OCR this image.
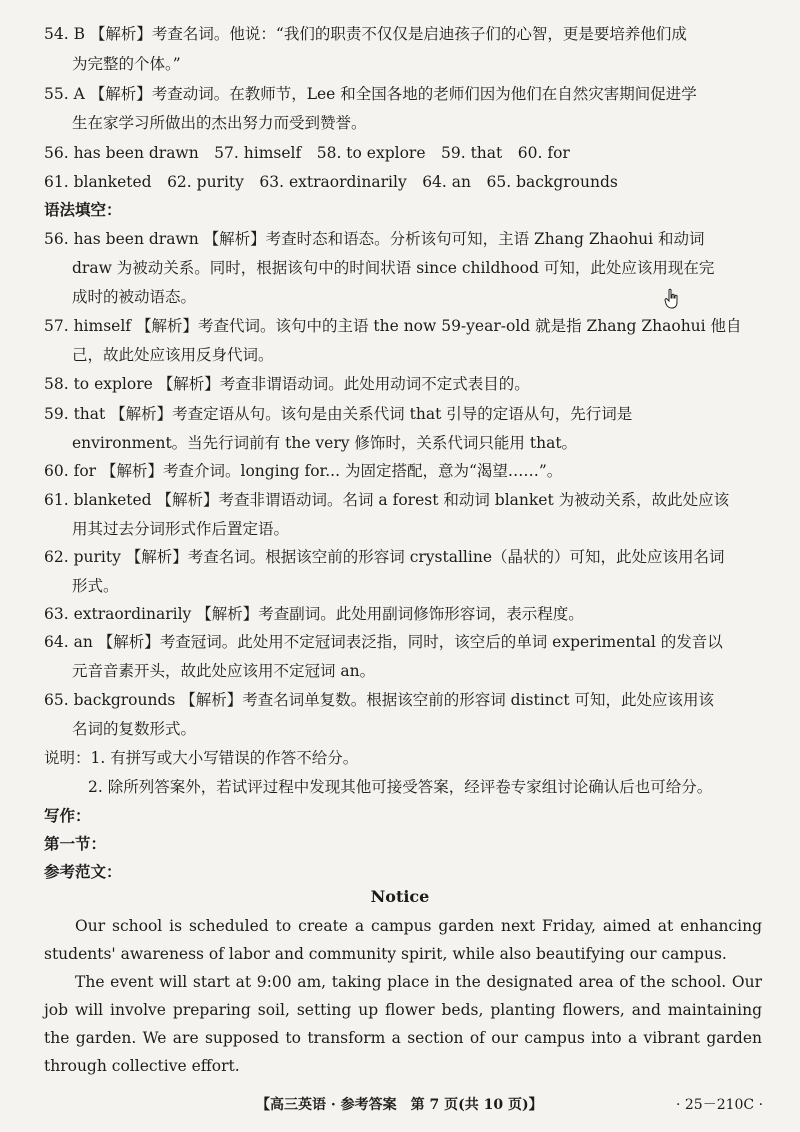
54. B 【解析】考查名词。他说：“我们的职责不仅仅是启迪孩子们的心智，更是要培养他们成
为完整的个体。”
55. A 【解析】考查动词。在教师节，Lee 和全国各地的老师们因为他们在自然灾害期间促进学
生在家学习所做出的杰出努力而受到赞誉。
56. has been drawn　57. himself　58. to explore　59. that　60. for
61. blanketed　62. purity　63. extraordinarily　64. an　65. backgrounds
语法填空：
56. has been drawn 【解析】考查时态和语态。分析该句可知，主语 Zhang Zhaohui 和动词
draw 为被动关系。同时，根据该句中的时间状语 since childhood 可知，此处应该用现在完
成时的被动语态。
57. himself 【解析】考查代词。该句中的主语 the now 59-year-old 就是指 Zhang Zhaohui 他自
己，故此处应该用反身代词。
58. to explore 【解析】考查非谓语动词。此处用动词不定式表目的。
59. that 【解析】考查定语从句。该句是由关系代词 that 引导的定语从句，先行词是
environment。当先行词前有 the very 修饰时，关系代词只能用 that。
60. for 【解析】考查介词。longing for... 为固定搭配，意为“渴望……”。
61. blanketed 【解析】考查非谓语动词。名词 a forest 和动词 blanket 为被动关系，故此处应该
用其过去分词形式作后置定语。
62. purity 【解析】考查名词。根据该空前的形容词 crystalline（晶状的）可知，此处应该用名词
形式。
63. extraordinarily 【解析】考查副词。此处用副词修饰形容词，表示程度。
64. an 【解析】考查冠词。此处用不定冠词表泛指，同时，该空后的单词 experimental 的发音以
元音音素开头，故此处应该用不定冠词 an。
65. backgrounds 【解析】考查名词单复数。根据该空前的形容词 distinct 可知，此处应该用该
名词的复数形式。
说明：1. 有拼写或大小写错误的作答不给分。
2. 除所列答案外，若试评过程中发现其他可接受答案，经评卷专家组讨论确认后也可给分。
写作：
第一节：
参考范文：
Notice

Our school is scheduled to create a campus garden next Friday, aimed at enhancing students' awareness of labor and community spirit, while also beautifying our campus.

The event will start at 9:00 am, taking place in the designated area of the school. Our job will involve preparing soil, setting up flower beds, planting flowers, and maintaining the garden. We are supposed to transform a section of our campus into a vibrant garden through collective effort.

【高三英语 · 参考答案　第 7 页(共 10 页)】	· 25－210C ·
